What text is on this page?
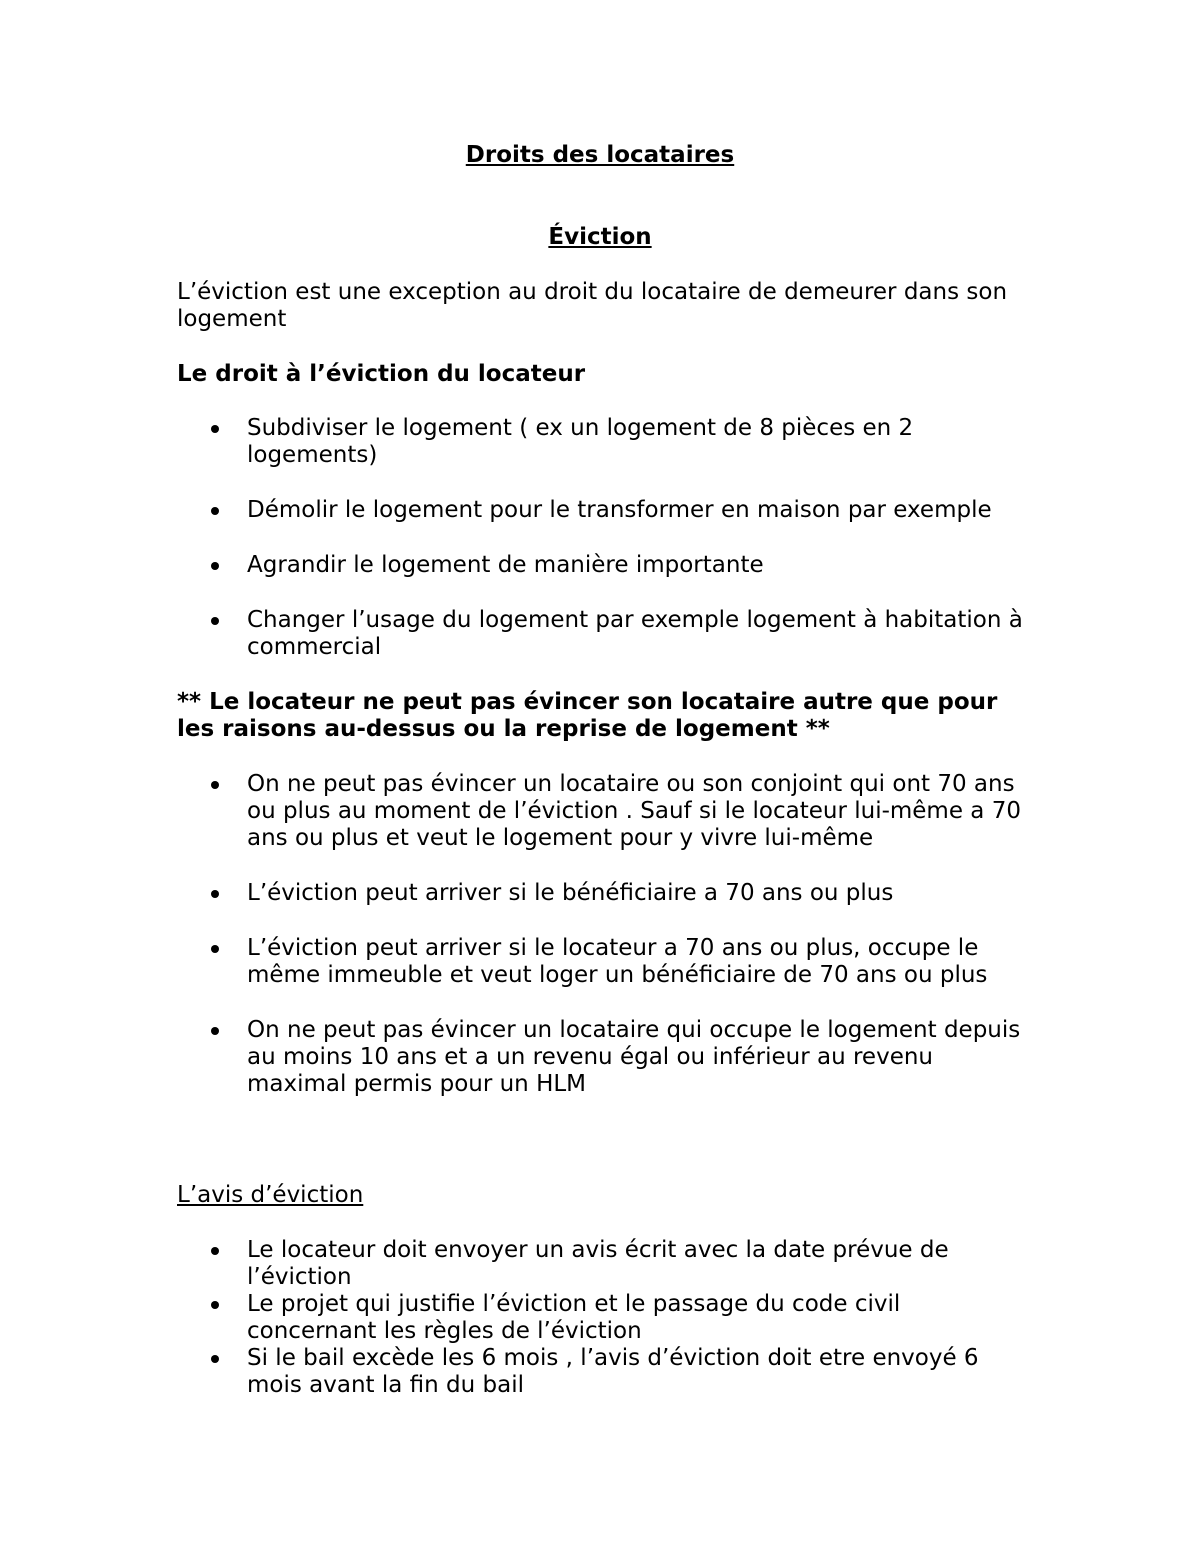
Droits des locataires

Éviction

L’éviction est une exception au droit du locataire de demeurer dans son logement

Le droit à l’éviction du locateur

Subdiviser le logement ( ex un logement de 8 pièces en 2 logements)
Démolir le logement pour le transformer en maison par exemple
Agrandir le logement de manière importante
Changer l’usage du logement par exemple logement à habitation à commercial

** Le locateur ne peut pas évincer son locataire autre que pour les raisons au-dessus ou la reprise de logement **

On ne peut pas évincer un locataire ou son conjoint qui ont 70 ans ou plus au moment de l’éviction . Sauf si le locateur lui-même a 70 ans ou plus et veut le logement pour y vivre lui-même
L’éviction peut arriver si le bénéficiaire a 70 ans ou plus
L’éviction peut arriver si le locateur a 70 ans ou plus, occupe le même immeuble et veut loger un bénéficiaire de 70 ans ou plus
On ne peut pas évincer un locataire qui occupe le logement depuis au moins 10 ans et a un revenu égal ou inférieur au revenu maximal permis pour un HLM

L’avis d’éviction

Le locateur doit envoyer un avis écrit avec la date prévue de l’éviction
Le projet qui justifie l’éviction et le passage du code civil concernant les règles de l’éviction
Si le bail excède les 6 mois , l’avis d’éviction doit etre envoyé 6 mois avant la fin du bail
